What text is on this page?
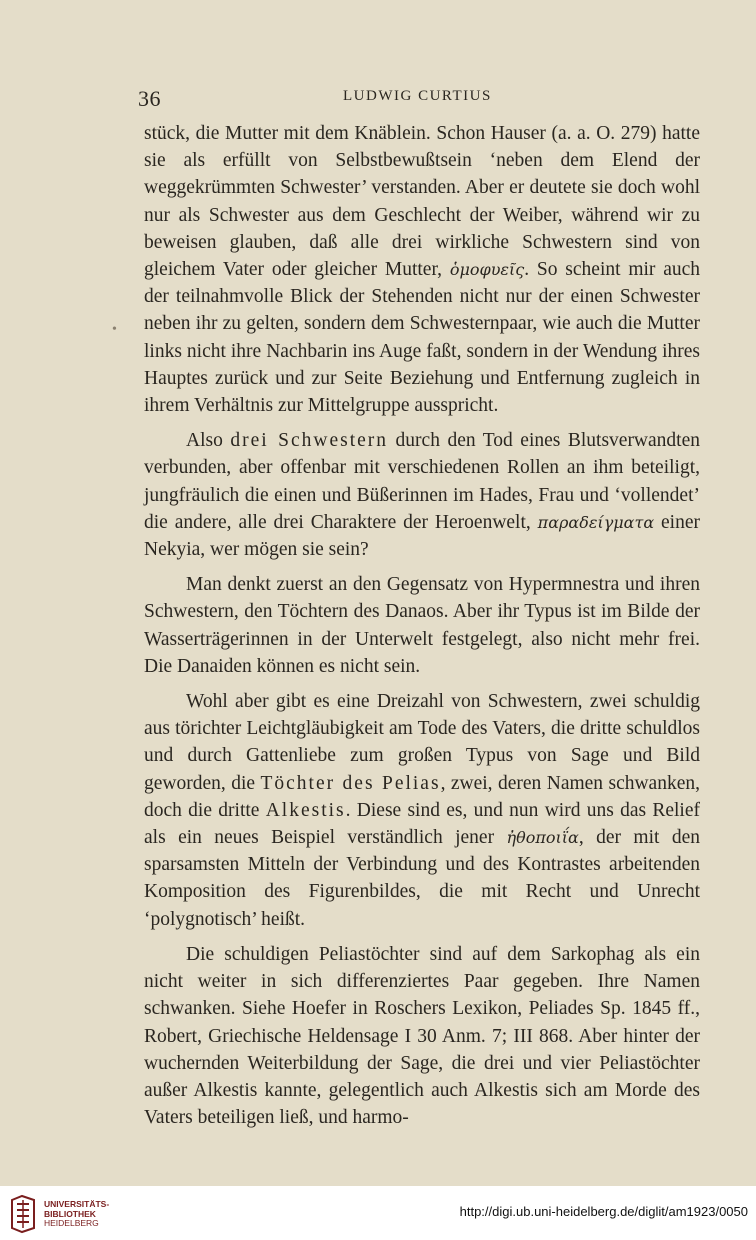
36	LUDWIG CURTIUS
•

stück, die Mutter mit dem Knäblein. Schon Hauser (a. a. O. 279) hatte sie als erfüllt von Selbstbewußtsein ‘neben dem Elend der weggekrümmten Schwester’ verstanden. Aber er deutete sie doch wohl nur als Schwester aus dem Geschlecht der Weiber, während wir zu beweisen glauben, daß alle drei wirkliche Schwestern sind von gleichem Vater oder gleicher Mutter, ὁμοφυεῖς. So scheint mir auch der teilnahmvolle Blick der Stehenden nicht nur der einen Schwester neben ihr zu gelten, sondern dem Schwesternpaar, wie auch die Mutter links nicht ihre Nachbarin ins Auge faßt, sondern in der Wendung ihres Hauptes zurück und zur Seite Beziehung und Entfernung zugleich in ihrem Verhältnis zur Mittelgruppe ausspricht.

Also drei Schwestern durch den Tod eines Blutsverwandten verbunden, aber offenbar mit verschiedenen Rollen an ihm beteiligt, jungfräulich die einen und Büßerinnen im Hades, Frau und ‘vollendet’ die andere, alle drei Charaktere der Heroenwelt, παραδείγματα einer Nekyia, wer mögen sie sein?

Man denkt zuerst an den Gegensatz von Hypermnestra und ihren Schwestern, den Töchtern des Danaos. Aber ihr Typus ist im Bilde der Wasserträgerinnen in der Unterwelt festgelegt, also nicht mehr frei. Die Danaiden können es nicht sein.

Wohl aber gibt es eine Dreizahl von Schwestern, zwei schuldig aus törichter Leichtgläubigkeit am Tode des Vaters, die dritte schuldlos und durch Gattenliebe zum großen Typus von Sage und Bild geworden, die Töchter des Pelias, zwei, deren Namen schwanken, doch die dritte Alkestis. Diese sind es, und nun wird uns das Relief als ein neues Beispiel verständlich jener ἠθοποιΐα, der mit den sparsamsten Mitteln der Verbindung und des Kontrastes arbeitenden Komposition des Figurenbildes, die mit Recht und Unrecht ‘polygnotisch’ heißt.

Die schuldigen Peliastöchter sind auf dem Sarkophag als ein nicht weiter in sich differenziertes Paar gegeben. Ihre Namen schwanken. Siehe Hoefer in Roschers Lexikon, Peliades Sp. 1845 ff., Robert, Griechische Heldensage I 30 Anm. 7; III 868. Aber hinter der wuchernden Weiterbildung der Sage, die drei und vier Peliastöchter außer Alkestis kannte, gelegentlich auch Alkestis sich am Morde des Vaters beteiligen ließ, und harmo-

UNIVERSITÄTS-
BIBLIOTHEK
HEIDELBERG
http://digi.ub.uni-heidelberg.de/diglit/am1923/0050
